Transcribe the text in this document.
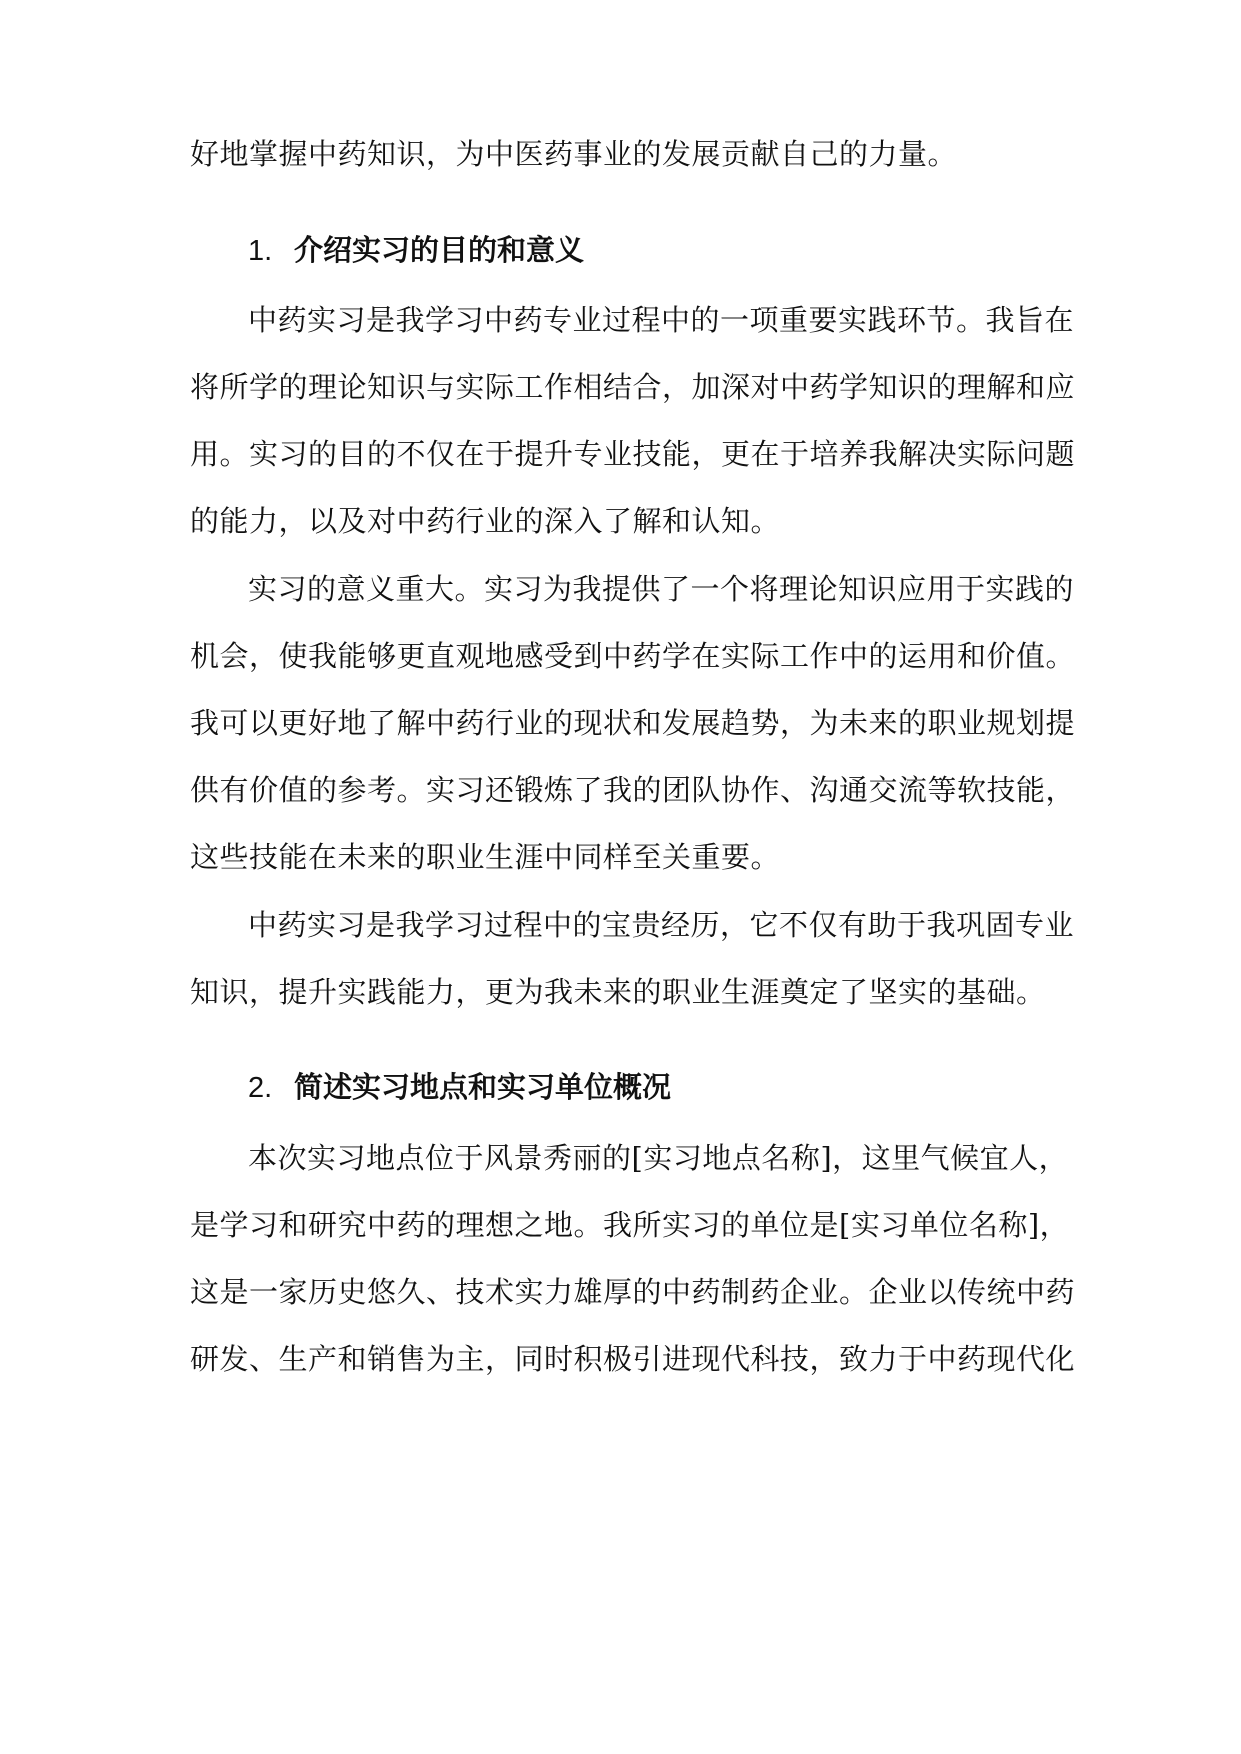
好地掌握中药知识，为中医药事业的发展贡献自己的力量。
1. 介绍实习的目的和意义
中药实习是我学习中药专业过程中的一项重要实践环节。我旨在
将所学的理论知识与实际工作相结合，加深对中药学知识的理解和应
用。实习的目的不仅在于提升专业技能，更在于培养我解决实际问题
的能力，以及对中药行业的深入了解和认知。
实习的意义重大。实习为我提供了一个将理论知识应用于实践的
机会，使我能够更直观地感受到中药学在实际工作中的运用和价值。
我可以更好地了解中药行业的现状和发展趋势，为未来的职业规划提
供有价值的参考。实习还锻炼了我的团队协作、沟通交流等软技能，
这些技能在未来的职业生涯中同样至关重要。
中药实习是我学习过程中的宝贵经历，它不仅有助于我巩固专业
知识，提升实践能力，更为我未来的职业生涯奠定了坚实的基础。
2. 简述实习地点和实习单位概况
本次实习地点位于风景秀丽的[实习地点名称]，这里气候宜人，
是学习和研究中药的理想之地。我所实习的单位是[实习单位名称]，
这是一家历史悠久、技术实力雄厚的中药制药企业。企业以传统中药
研发、生产和销售为主，同时积极引进现代科技，致力于中药现代化
